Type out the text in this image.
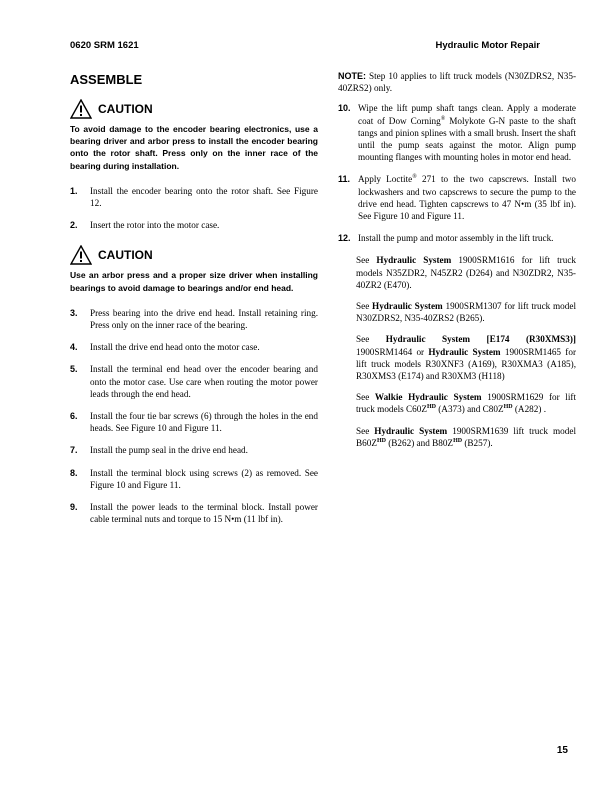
0620 SRM 1621	Hydraulic Motor Repair
ASSEMBLE
CAUTION

To avoid damage to the encoder bearing electronics, use a bearing driver and arbor press to install the encoder bearing onto the rotor shaft. Press only on the inner race of the bearing during installation.

1.	Install the encoder bearing onto the rotor shaft. See Figure 12.
2.	Insert the rotor into the motor case.
CAUTION

Use an arbor press and a proper size driver when installing bearings to avoid damage to bearings and/or end head.

3.	Press bearing into the drive end head. Install retaining ring. Press only on the inner race of the bearing.
4.	Install the drive end head onto the motor case.
5.	Install the terminal end head over the encoder bearing and onto the motor case. Use care when routing the motor power leads through the end head.
6.	Install the four tie bar screws (6) through the holes in the end heads. See Figure 10 and Figure 11.
7.	Install the pump seal in the drive end head.
8.	Install the terminal block using screws (2) as removed. See Figure 10 and Figure 11.
9.	Install the power leads to the terminal block. Install power cable terminal nuts and torque to 15 N•m (11 lbf in).

NOTE: Step 10 applies to lift truck models (N30ZDRS2, N35-40ZRS2) only.

10. Wipe the lift pump shaft tangs clean. Apply a moderate coat of Dow Corning® Molykote G-N paste to the shaft tangs and pinion splines with a small brush. Insert the shaft until the pump seats against the motor. Align pump mounting flanges with mounting holes in motor end head.
11. Apply Loctite® 271 to the two capscrews. Install two lockwashers and two capscrews to secure the pump to the drive end head. Tighten capscrews to 47 N•m (35 lbf in). See Figure 10 and Figure 11.
12. Install the pump and motor assembly in the lift truck.

See Hydraulic System 1900SRM1616 for lift truck models N35ZDR2, N45ZR2 (D264) and N30ZDR2, N35-40ZR2 (E470).

See Hydraulic System 1900SRM1307 for lift truck model N30ZDRS2, N35-40ZRS2 (B265).

See Hydraulic System [E174 (R30XMS3)] 1900SRM1464 or Hydraulic System 1900SRM1465 for lift truck models R30XNF3 (A169), R30XMA3 (A185), R30XMS3 (E174) and R30XM3 (H118)

See Walkie Hydraulic System 1900SRM1629 for lift truck models $C60Z^{HD}$ (A373) and $C80Z^{HD}$ (A282) .

See Hydraulic System 1900SRM1639 lift truck model $B60Z^{HD}$ (B262) and $B80Z^{HD}$ (B257).

15
